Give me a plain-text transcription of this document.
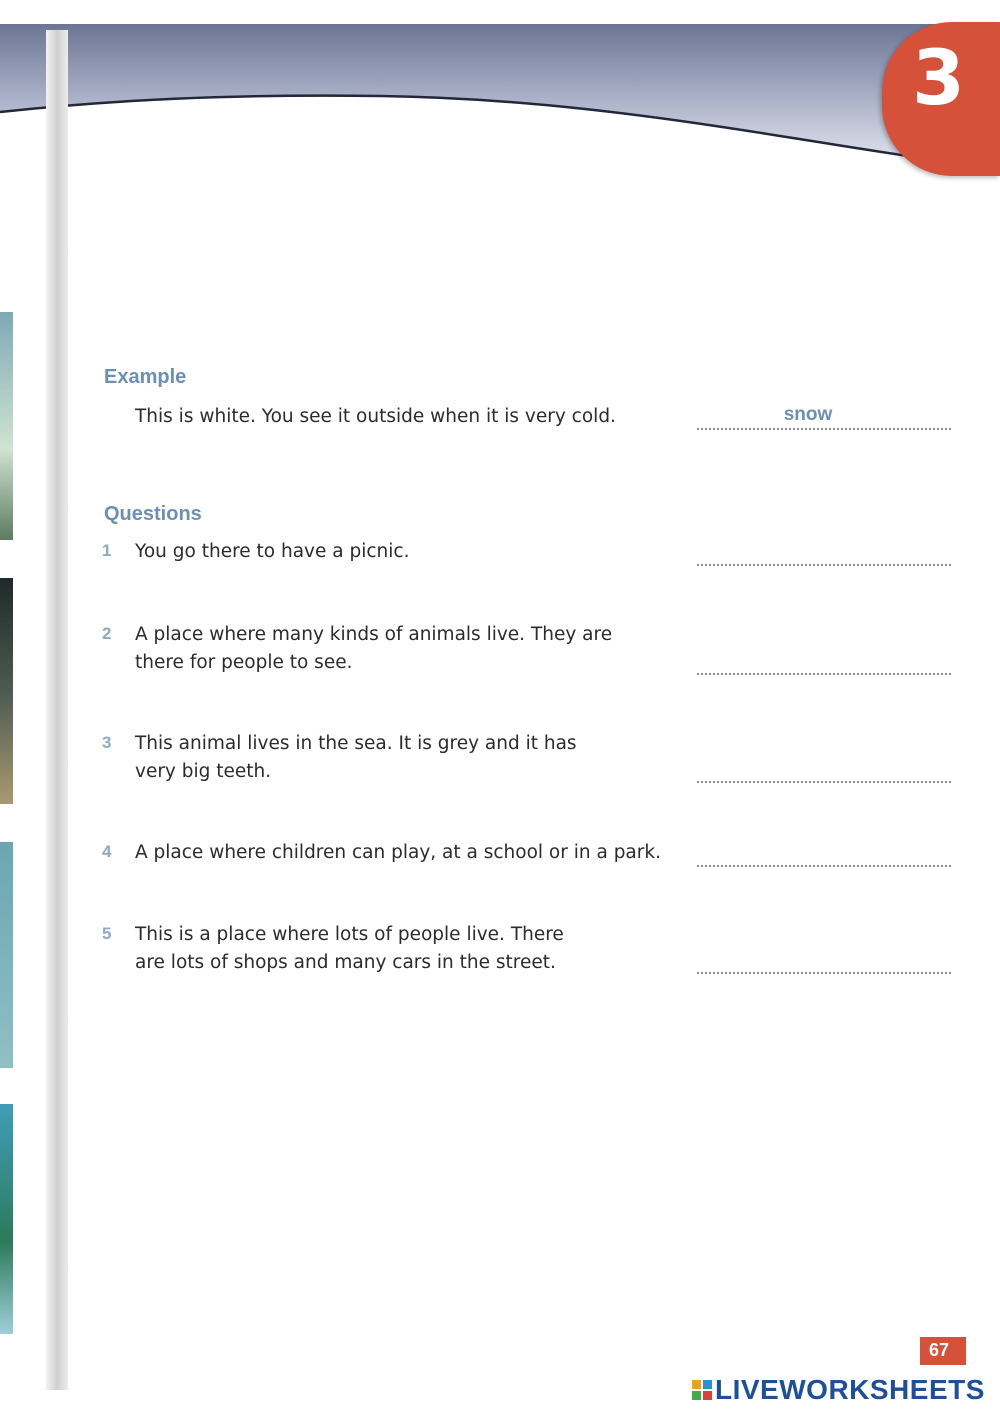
3
Example
This is white. You see it outside when it is very cold.	snow
Questions
1 You go there to have a picnic.
2 A place where many kinds of animals live. They are
there for people to see.
3 This animal lives in the sea. It is grey and it has
very big teeth.
4 A place where children can play, at a school or in a park.
5 This is a place where lots of people live. There
are lots of shops and many cars in the street.
67
LIVEWORKSHEETS
